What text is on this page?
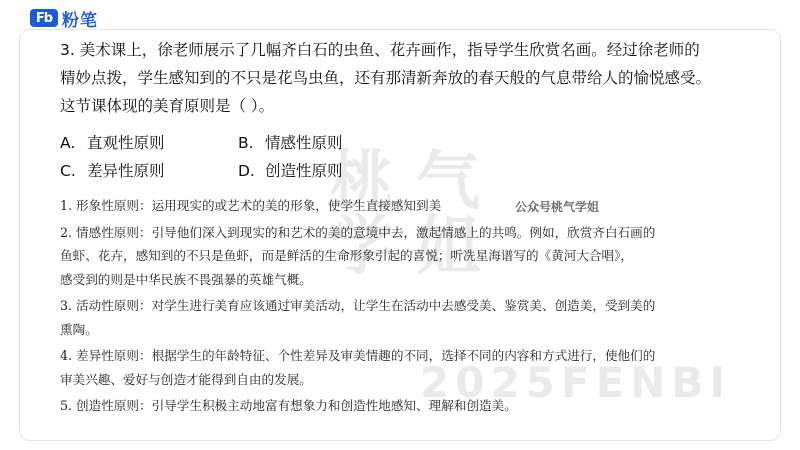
Fb 粉笔
桃 气
学 姐
2025FENBI
3. 美术课上，徐老师展示了几幅齐白石的虫鱼、花卉画作，指导学生欣赏名画。经过徐老师的
精妙点拨，学生感知到的不只是花鸟虫鱼，还有那清新奔放的春天般的气息带给人的愉悦感受。
这节课体现的美育原则是（ ）。
A. 直观性原则	B. 情感性原则
C. 差异性原则	D. 创造性原则

1. 形象性原则：运用现实的或艺术的美的形象，使学生直接感知到美

2. 情感性原则：引导他们深入到现实的和艺术的美的意境中去，激起情感上的共鸣。例如，欣赏齐白石画的

鱼虾、花卉，感知到的不只是鱼虾，而是鲜活的生命形象引起的喜悦；听冼星海谱写的《黄河大合唱》，

感受到的则是中华民族不畏强暴的英雄气概。

3. 活动性原则：对学生进行美育应该通过审美活动，让学生在活动中去感受美、鉴赏美、创造美，受到美的

熏陶。

4. 差异性原则：根据学生的年龄特征、个性差异及审美情趣的不同，选择不同的内容和方式进行，使他们的

审美兴趣、爱好与创造才能得到自由的发展。

5. 创造性原则：引导学生积极主动地富有想象力和创造性地感知、理解和创造美。

公众号桃气学姐
